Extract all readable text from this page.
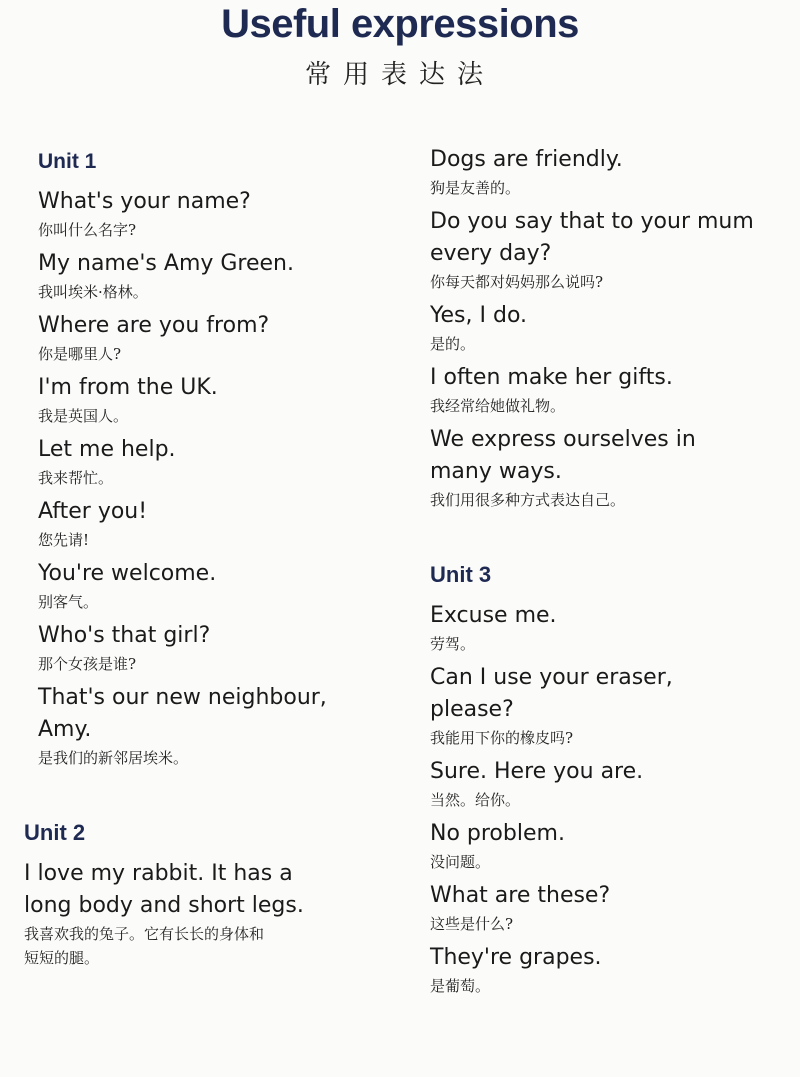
Useful expressions
常用表达法
Unit 1
What's your name?
你叫什么名字?
My name's Amy Green.
我叫埃米·格林。
Where are you from?
你是哪里人?
I'm from the UK.
我是英国人。
Let me help.
我来帮忙。
After you!
您先请!
You're welcome.
别客气。
Who's that girl?
那个女孩是谁?
That's our new neighbour,
Amy.
是我们的新邻居埃米。
Unit 2
I love my rabbit. It has a
long body and short legs.
我喜欢我的兔子。它有长长的身体和
短短的腿。
Dogs are friendly.
狗是友善的。
Do you say that to your mum
every day?
你每天都对妈妈那么说吗?
Yes, I do.
是的。
I often make her gifts.
我经常给她做礼物。
We express ourselves in
many ways.
我们用很多种方式表达自己。
Unit 3
Excuse me.
劳驾。
Can I use your eraser,
please?
我能用下你的橡皮吗?
Sure. Here you are.
当然。给你。
No problem.
没问题。
What are these?
这些是什么?
They're grapes.
是葡萄。
